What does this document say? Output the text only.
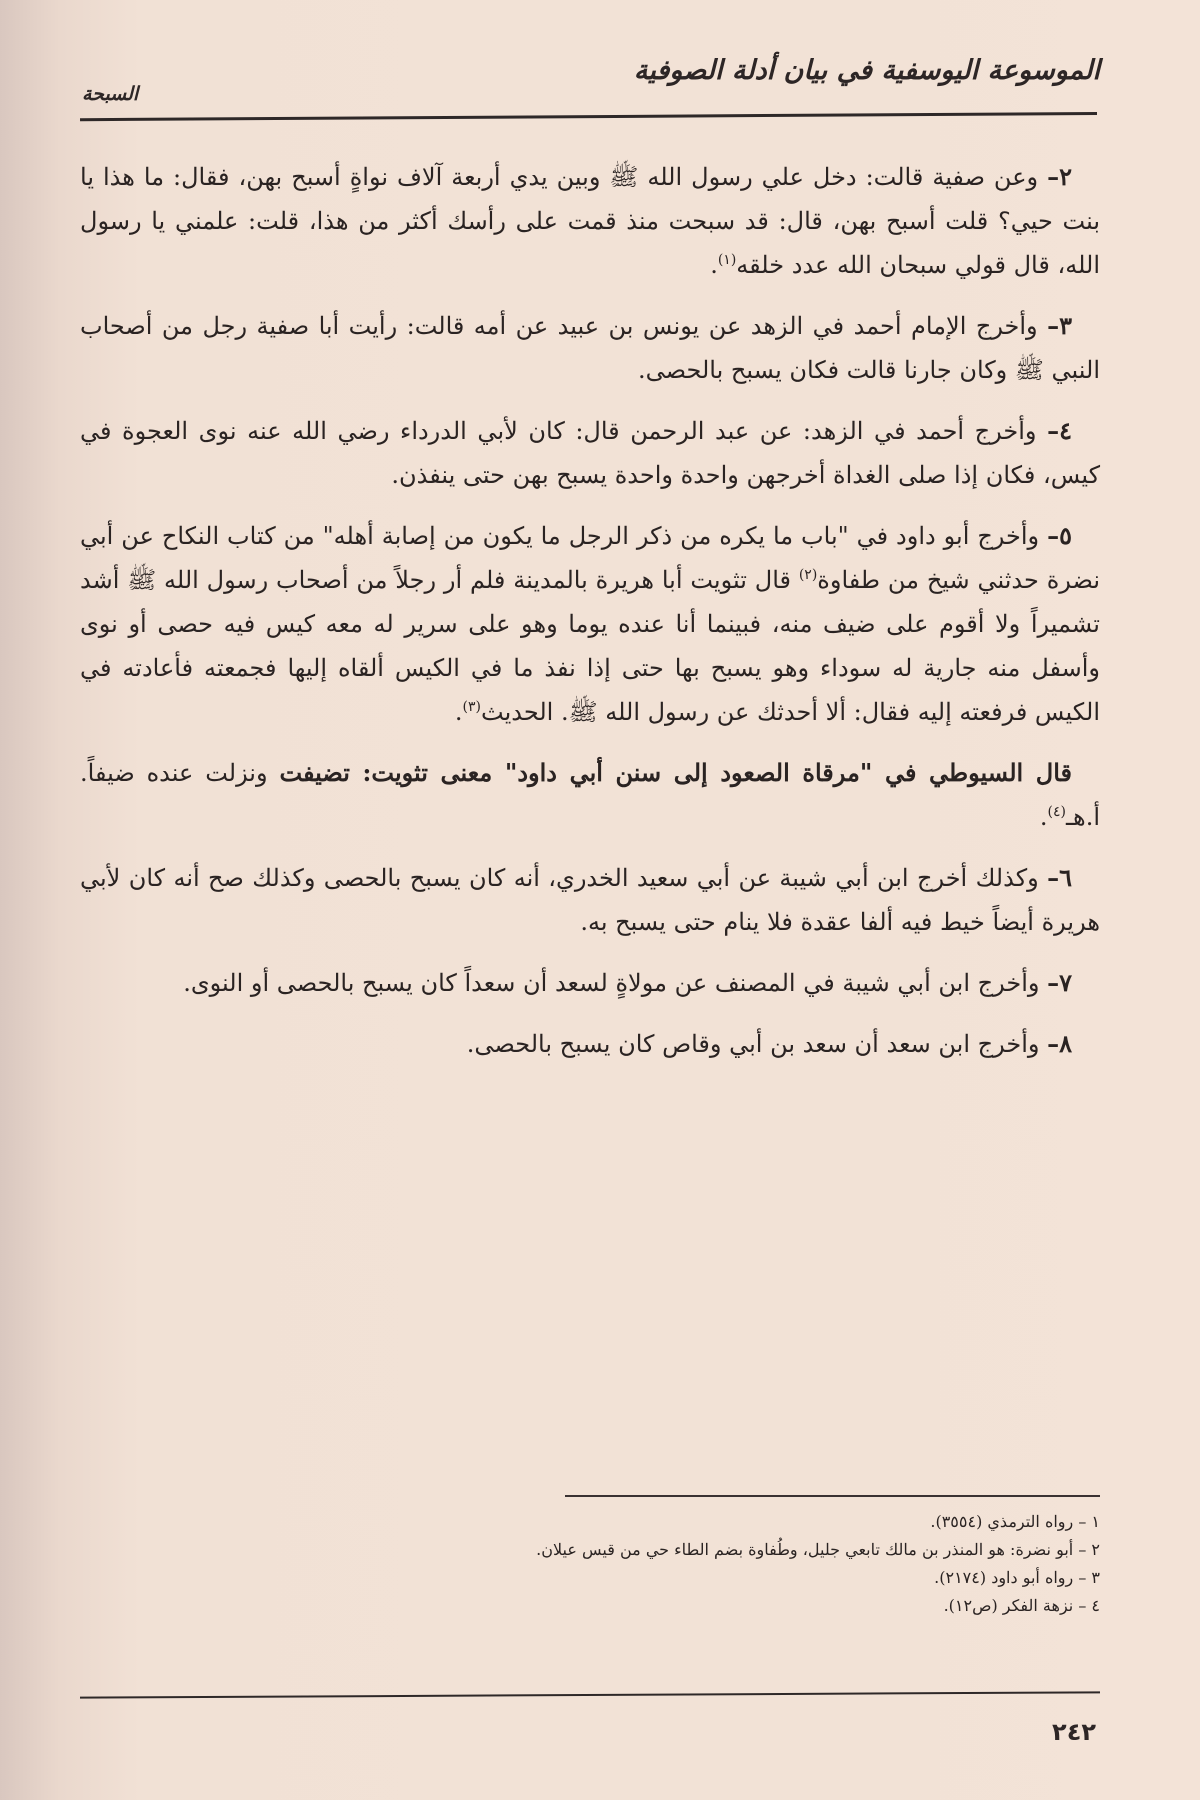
الموسوعة اليوسفية في بيان أدلة الصوفية
السبحة

٢– وعن صفية قالت: دخل علي رسول الله ﷺ وبين يدي أربعة آلاف نواةٍ أسبح بهن، فقال: ما هذا يا بنت حيي؟ قلت أسبح بهن، قال: قد سبحت منذ قمت على رأسك أكثر من هذا، قلت: علمني يا رسول الله، قال قولي سبحان الله عدد خلقه$^{(١)}$.

٣– وأخرج الإمام أحمد في الزهد عن يونس بن عبيد عن أمه قالت: رأيت أبا صفية رجل من أصحاب النبي ﷺ وكان جارنا قالت فكان يسبح بالحصى.

٤– وأخرج أحمد في الزهد: عن عبد الرحمن قال: كان لأبي الدرداء رضي الله عنه نوى العجوة في كيس، فكان إذا صلى الغداة أخرجهن واحدة واحدة يسبح بهن حتى ينفذن.

٥– وأخرج أبو داود في "باب ما يكره من ذكر الرجل ما يكون من إصابة أهله" من كتاب النكاح عن أبي نضرة حدثني شيخ من طفاوة$^{(٢)}$ قال تثويت أبا هريرة بالمدينة فلم أر رجلاً من أصحاب رسول الله ﷺ أشد تشميراً ولا أقوم على ضيف منه، فبينما أنا عنده يوما وهو على سرير له معه كيس فيه حصى أو نوى وأسفل منه جارية له سوداء وهو يسبح بها حتى إذا نفذ ما في الكيس ألقاه إليها فجمعته فأعادته في الكيس فرفعته إليه فقال: ألا أحدثك عن رسول الله ﷺ. الحديث$^{(٣)}$.

قال السيوطي في "مرقاة الصعود إلى سنن أبي داود" معنى تثويت: تضيفت ونزلت عنده ضيفاً. أ.هـ$^{(٤)}$.

٦– وكذلك أخرج ابن أبي شيبة عن أبي سعيد الخدري، أنه كان يسبح بالحصى وكذلك صح أنه كان لأبي هريرة أيضاً خيط فيه ألفا عقدة فلا ينام حتى يسبح به.

٧– وأخرج ابن أبي شيبة في المصنف عن مولاةٍ لسعد أن سعداً كان يسبح بالحصى أو النوى.

٨– وأخرج ابن سعد أن سعد بن أبي وقاص كان يسبح بالحصى.

١ – رواه الترمذي (٣٥٥٤).

٢ – أبو نضرة: هو المنذر بن مالك تابعي جليل، وطُفاوة بضم الطاء حي من قيس عيلان.

٣ – رواه أبو داود (٢١٧٤).

٤ – نزهة الفكر (ص١٢).

٢٤٢
